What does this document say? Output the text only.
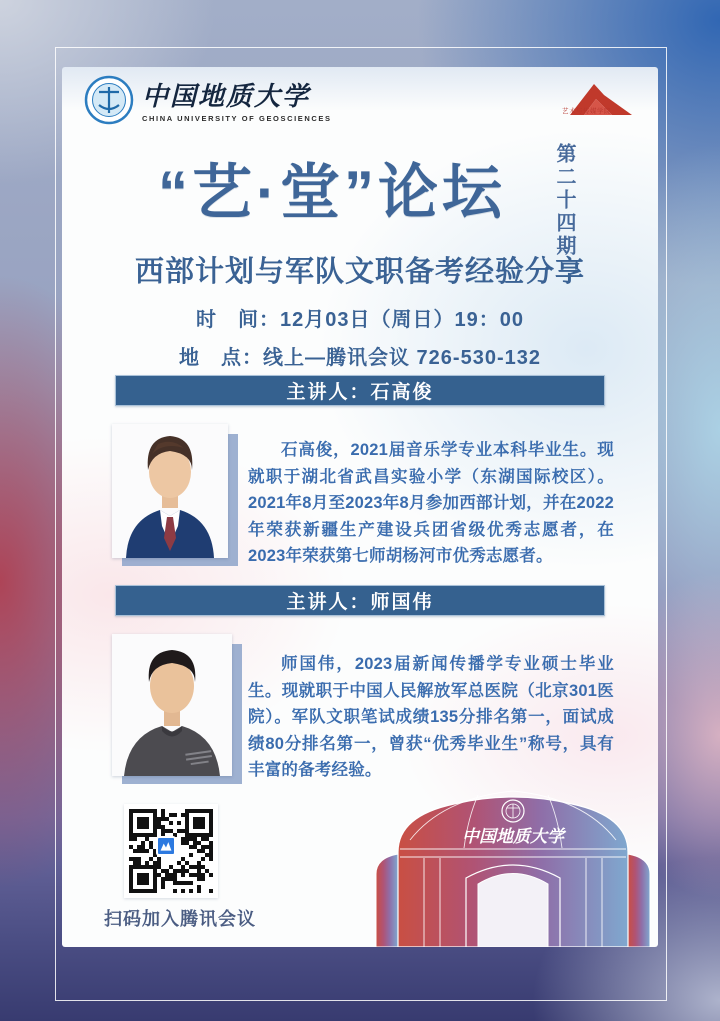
中国地质大学
CHINA UNIVERSITY OF GEOSCIENCES
艺术与传媒学院
“艺·堂”论坛	第二十四期
西部计划与军队文职备考经验分享
时　间：12月03日（周日）19：00
地　点：线上—腾讯会议 726-530-132
主讲人：石高俊
石高俊，2021届音乐学专业本科毕业生。现就职于湖北省武昌实验小学（东湖国际校区）。2021年8月至2023年8月参加西部计划，并在2022年荣获新疆生产建设兵团省级优秀志愿者，在2023年荣获第七师胡杨河市优秀志愿者。
主讲人：师国伟
师国伟，2023届新闻传播学专业硕士毕业生。现就职于中国人民解放军总医院（北京301医院）。军队文职笔试成绩135分排名第一，面试成绩80分排名第一，曾获“优秀毕业生”称号，具有丰富的备考经验。
扫码加入腾讯会议
中国地质大学
